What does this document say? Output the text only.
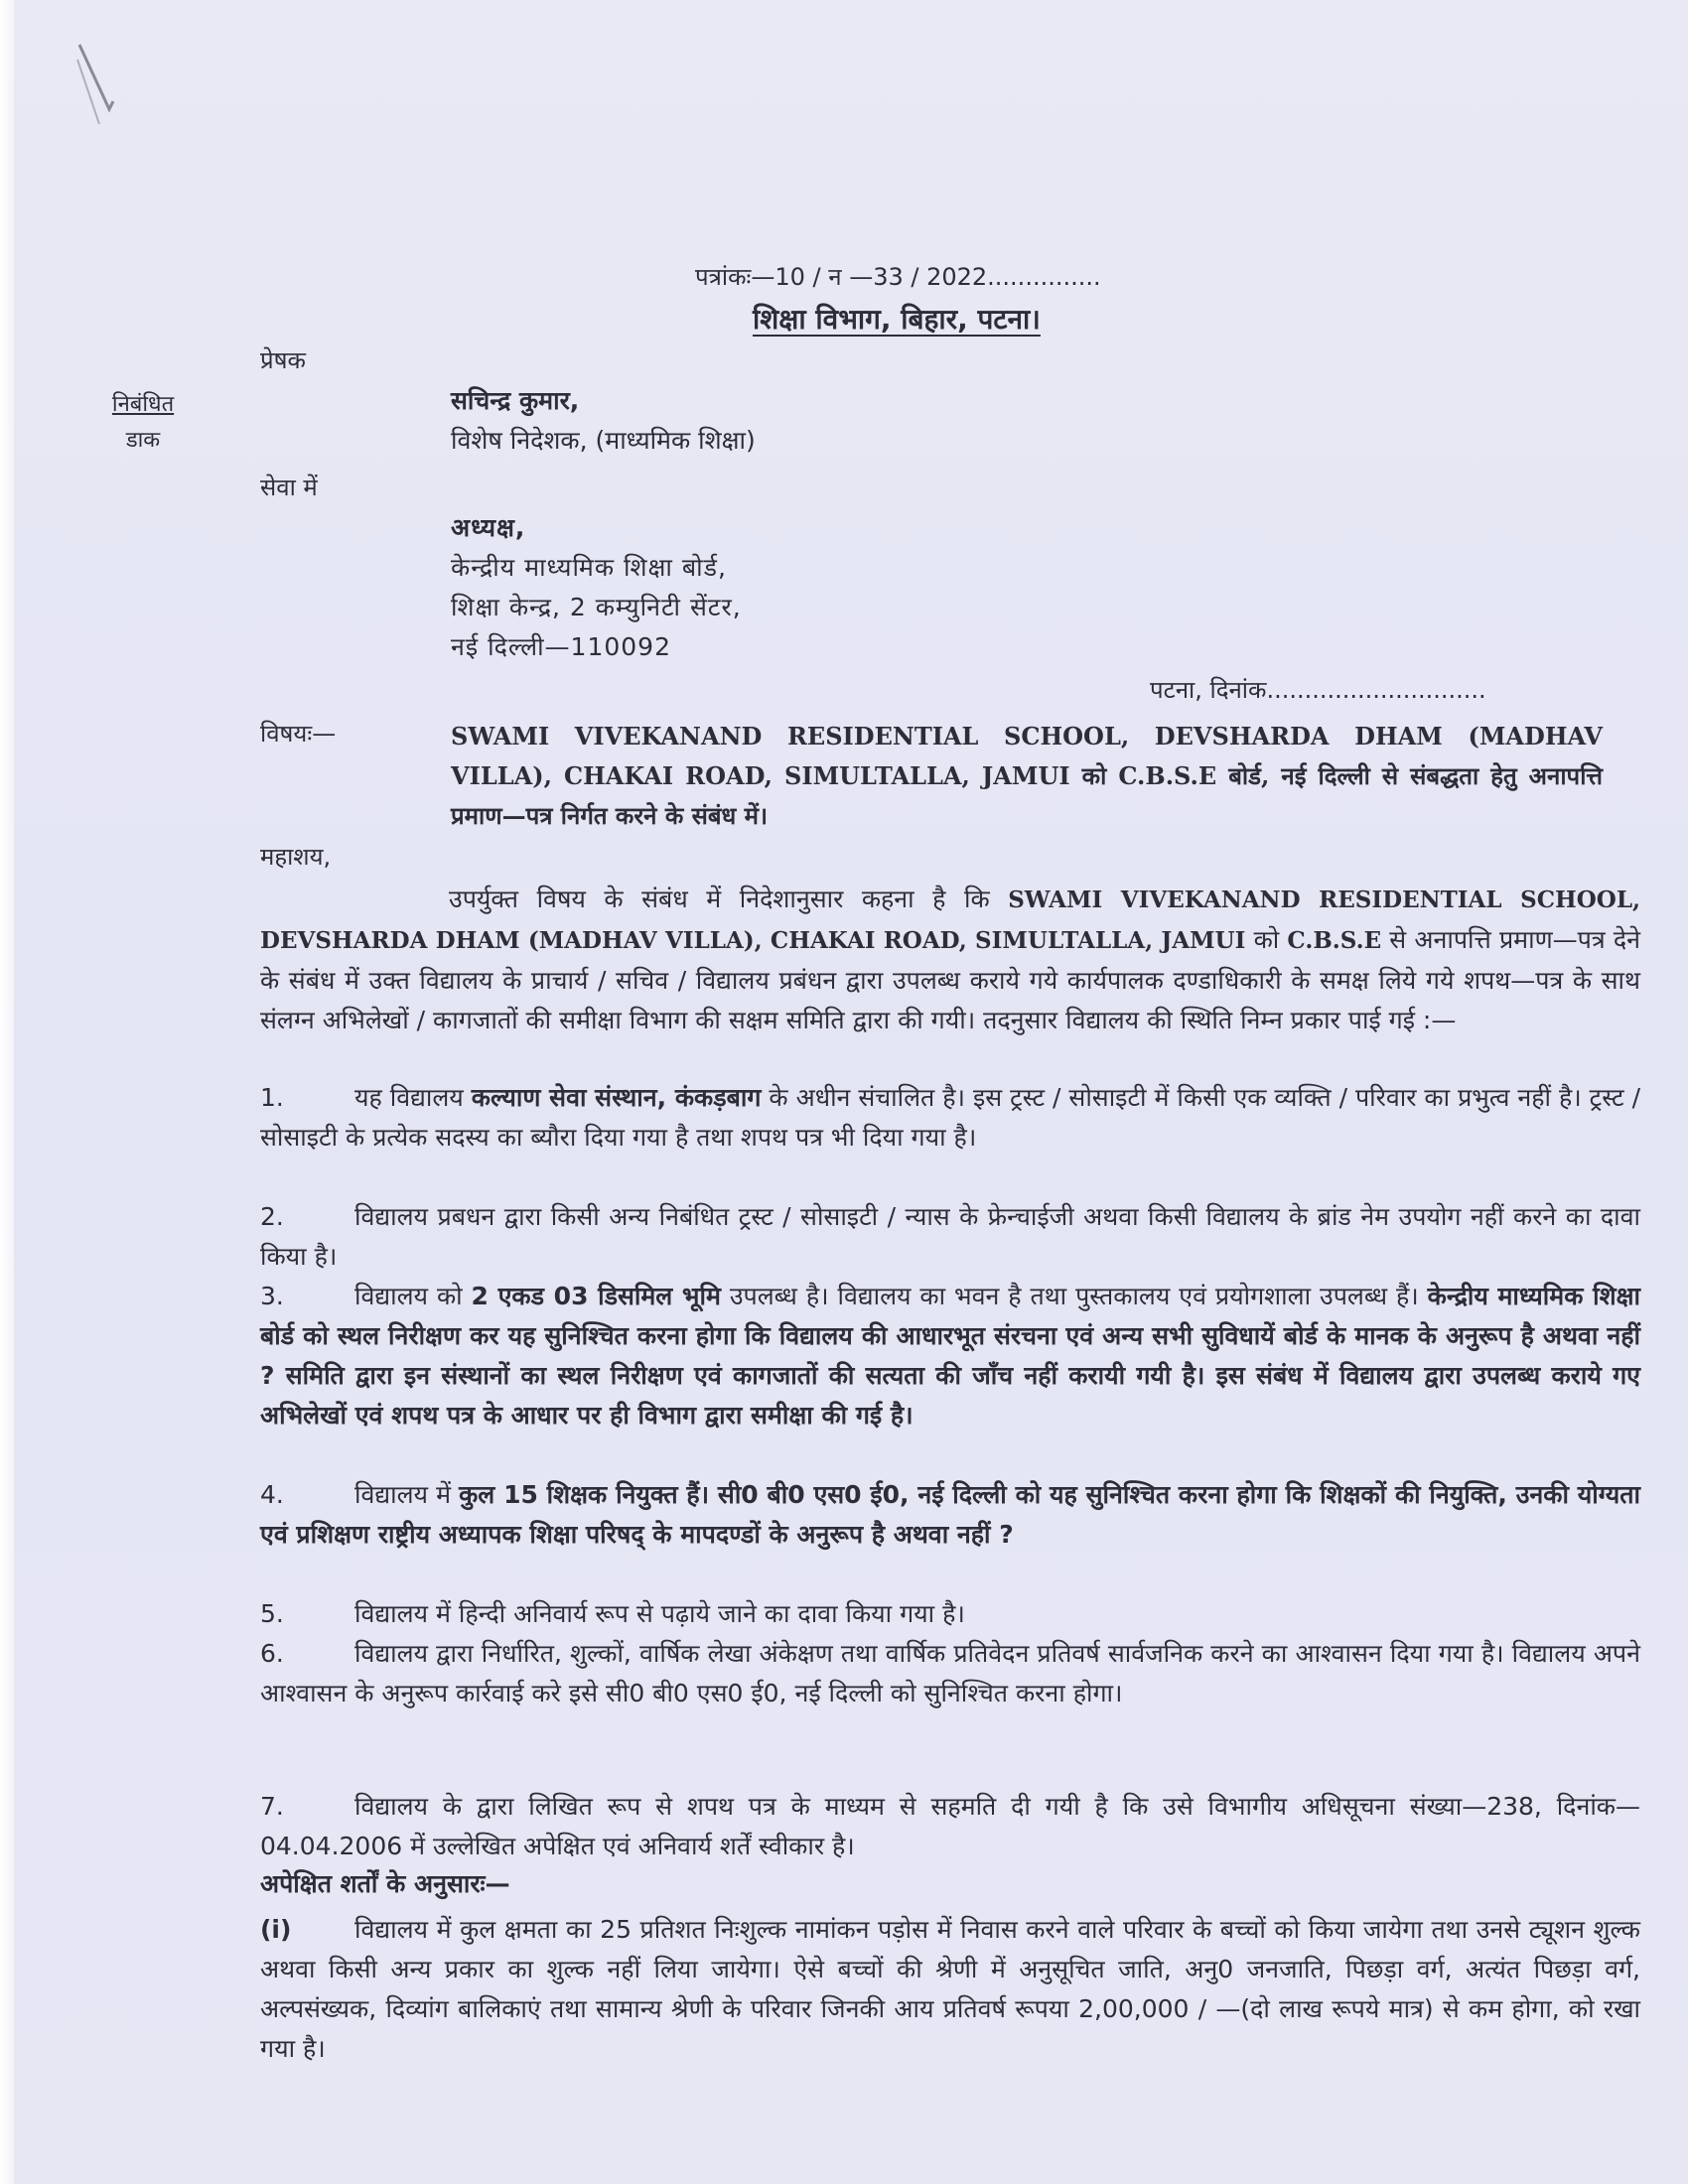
पत्रांकः—10 / न —33 / 2022...............
शिक्षा विभाग, बिहार, पटना।
निबंधित
डाक
प्रेषक
सचिन्द्र कुमार,
विशेष निदेशक, (माध्यमिक शिक्षा)
सेवा में
अध्यक्ष,
केन्द्रीय माध्यमिक शिक्षा बोर्ड,
शिक्षा केन्द्र, 2 कम्युनिटी सेंटर,
नई दिल्ली—110092
पटना, दिनांक.............................
विषयः—	SWAMI VIVEKANAND RESIDENTIAL SCHOOL, DEVSHARDA DHAM (MADHAV VILLA), CHAKAI ROAD, SIMULTALLA, JAMUI को C.B.S.E बोर्ड, नई दिल्ली से संबद्धता हेतु अनापत्ति प्रमाण—पत्र निर्गत करने के संबंध में।
महाशय,
उपर्युक्त विषय के संबंध में निदेशानुसार कहना है कि SWAMI VIVEKANAND RESIDENTIAL SCHOOL, DEVSHARDA DHAM (MADHAV VILLA), CHAKAI ROAD, SIMULTALLA, JAMUI को C.B.S.E से अनापत्ति प्रमाण—पत्र देने के संबंध में उक्त विद्यालय के प्राचार्य / सचिव / विद्यालय प्रबंधन द्वारा उपलब्ध कराये गये कार्यपालक दण्डाधिकारी के समक्ष लिये गये शपथ—पत्र के साथ संलग्न अभिलेखों / कागजातों की समीक्षा विभाग की सक्षम समिति द्वारा की गयी। तदनुसार विद्यालय की स्थिति निम्न प्रकार पाई गई :—
1.	यह विद्यालय कल्याण सेवा संस्थान, कंकड़बाग के अधीन संचालित है। इस ट्रस्ट / सोसाइटी में किसी एक व्यक्ति / परिवार का प्रभुत्व नहीं है। ट्रस्ट / सोसाइटी के प्रत्येक सदस्य का ब्यौरा दिया गया है तथा शपथ पत्र भी दिया गया है।
2.	विद्यालय प्रबधन द्वारा किसी अन्य निबंधित ट्रस्ट / सोसाइटी / न्यास के फ्रेन्चाईजी अथवा किसी विद्यालय के ब्रांड नेम उपयोग नहीं करने का दावा किया है।
3.	विद्यालय को 2 एकड 03 डिसमिल भूमि उपलब्ध है। विद्यालय का भवन है तथा पुस्तकालय एवं प्रयोगशाला उपलब्ध हैं। केन्द्रीय माध्यमिक शिक्षा बोर्ड को स्थल निरीक्षण कर यह सुनिश्चित करना होगा कि विद्यालय की आधारभूत संरचना एवं अन्य सभी सुविधायें बोर्ड के मानक के अनुरूप है अथवा नहीं ? समिति द्वारा इन संस्थानों का स्थल निरीक्षण एवं कागजातों की सत्यता की जाँच नहीं करायी गयी है। इस संबंध में विद्यालय द्वारा उपलब्ध कराये गए अभिलेखों एवं शपथ पत्र के आधार पर ही विभाग द्वारा समीक्षा की गई है।
4.	विद्यालय में कुल 15 शिक्षक नियुक्त हैं। सी0 बी0 एस0 ई0, नई दिल्ली को यह सुनिश्चित करना होगा कि शिक्षकों की नियुक्ति, उनकी योग्यता एवं प्रशिक्षण राष्ट्रीय अध्यापक शिक्षा परिषद् के मापदण्डों के अनुरूप है अथवा नहीं ?
5.	विद्यालय में हिन्दी अनिवार्य रूप से पढ़ाये जाने का दावा किया गया है।
6.	विद्यालय द्वारा निर्धारित, शुल्कों, वार्षिक लेखा अंकेक्षण तथा वार्षिक प्रतिवेदन प्रतिवर्ष सार्वजनिक करने का आश्वासन दिया गया है। विद्यालय अपने आश्वासन के अनुरूप कार्रवाई करे इसे सी0 बी0 एस0 ई0, नई दिल्ली को सुनिश्चित करना होगा।
7.	विद्यालय के द्वारा लिखित रूप से शपथ पत्र के माध्यम से सहमति दी गयी है कि उसे विभागीय अधिसूचना संख्या—238, दिनांक—04.04.2006 में उल्लेखित अपेक्षित एवं अनिवार्य शर्तें स्वीकार है।
अपेक्षित शर्तों के अनुसारः—
(i)	विद्यालय में कुल क्षमता का 25 प्रतिशत निःशुल्क नामांकन पड़ोस में निवास करने वाले परिवार के बच्चों को किया जायेगा तथा उनसे ट्यूशन शुल्क अथवा किसी अन्य प्रकार का शुल्क नहीं लिया जायेगा। ऐसे बच्चों की श्रेणी में अनुसूचित जाति, अनु0 जनजाति, पिछड़ा वर्ग, अत्यंत पिछड़ा वर्ग, अल्पसंख्यक, दिव्यांग बालिकाएं तथा सामान्य श्रेणी के परिवार जिनकी आय प्रतिवर्ष रूपया 2,00,000 / —(दो लाख रूपये मात्र) से कम होगा, को रखा गया है।
